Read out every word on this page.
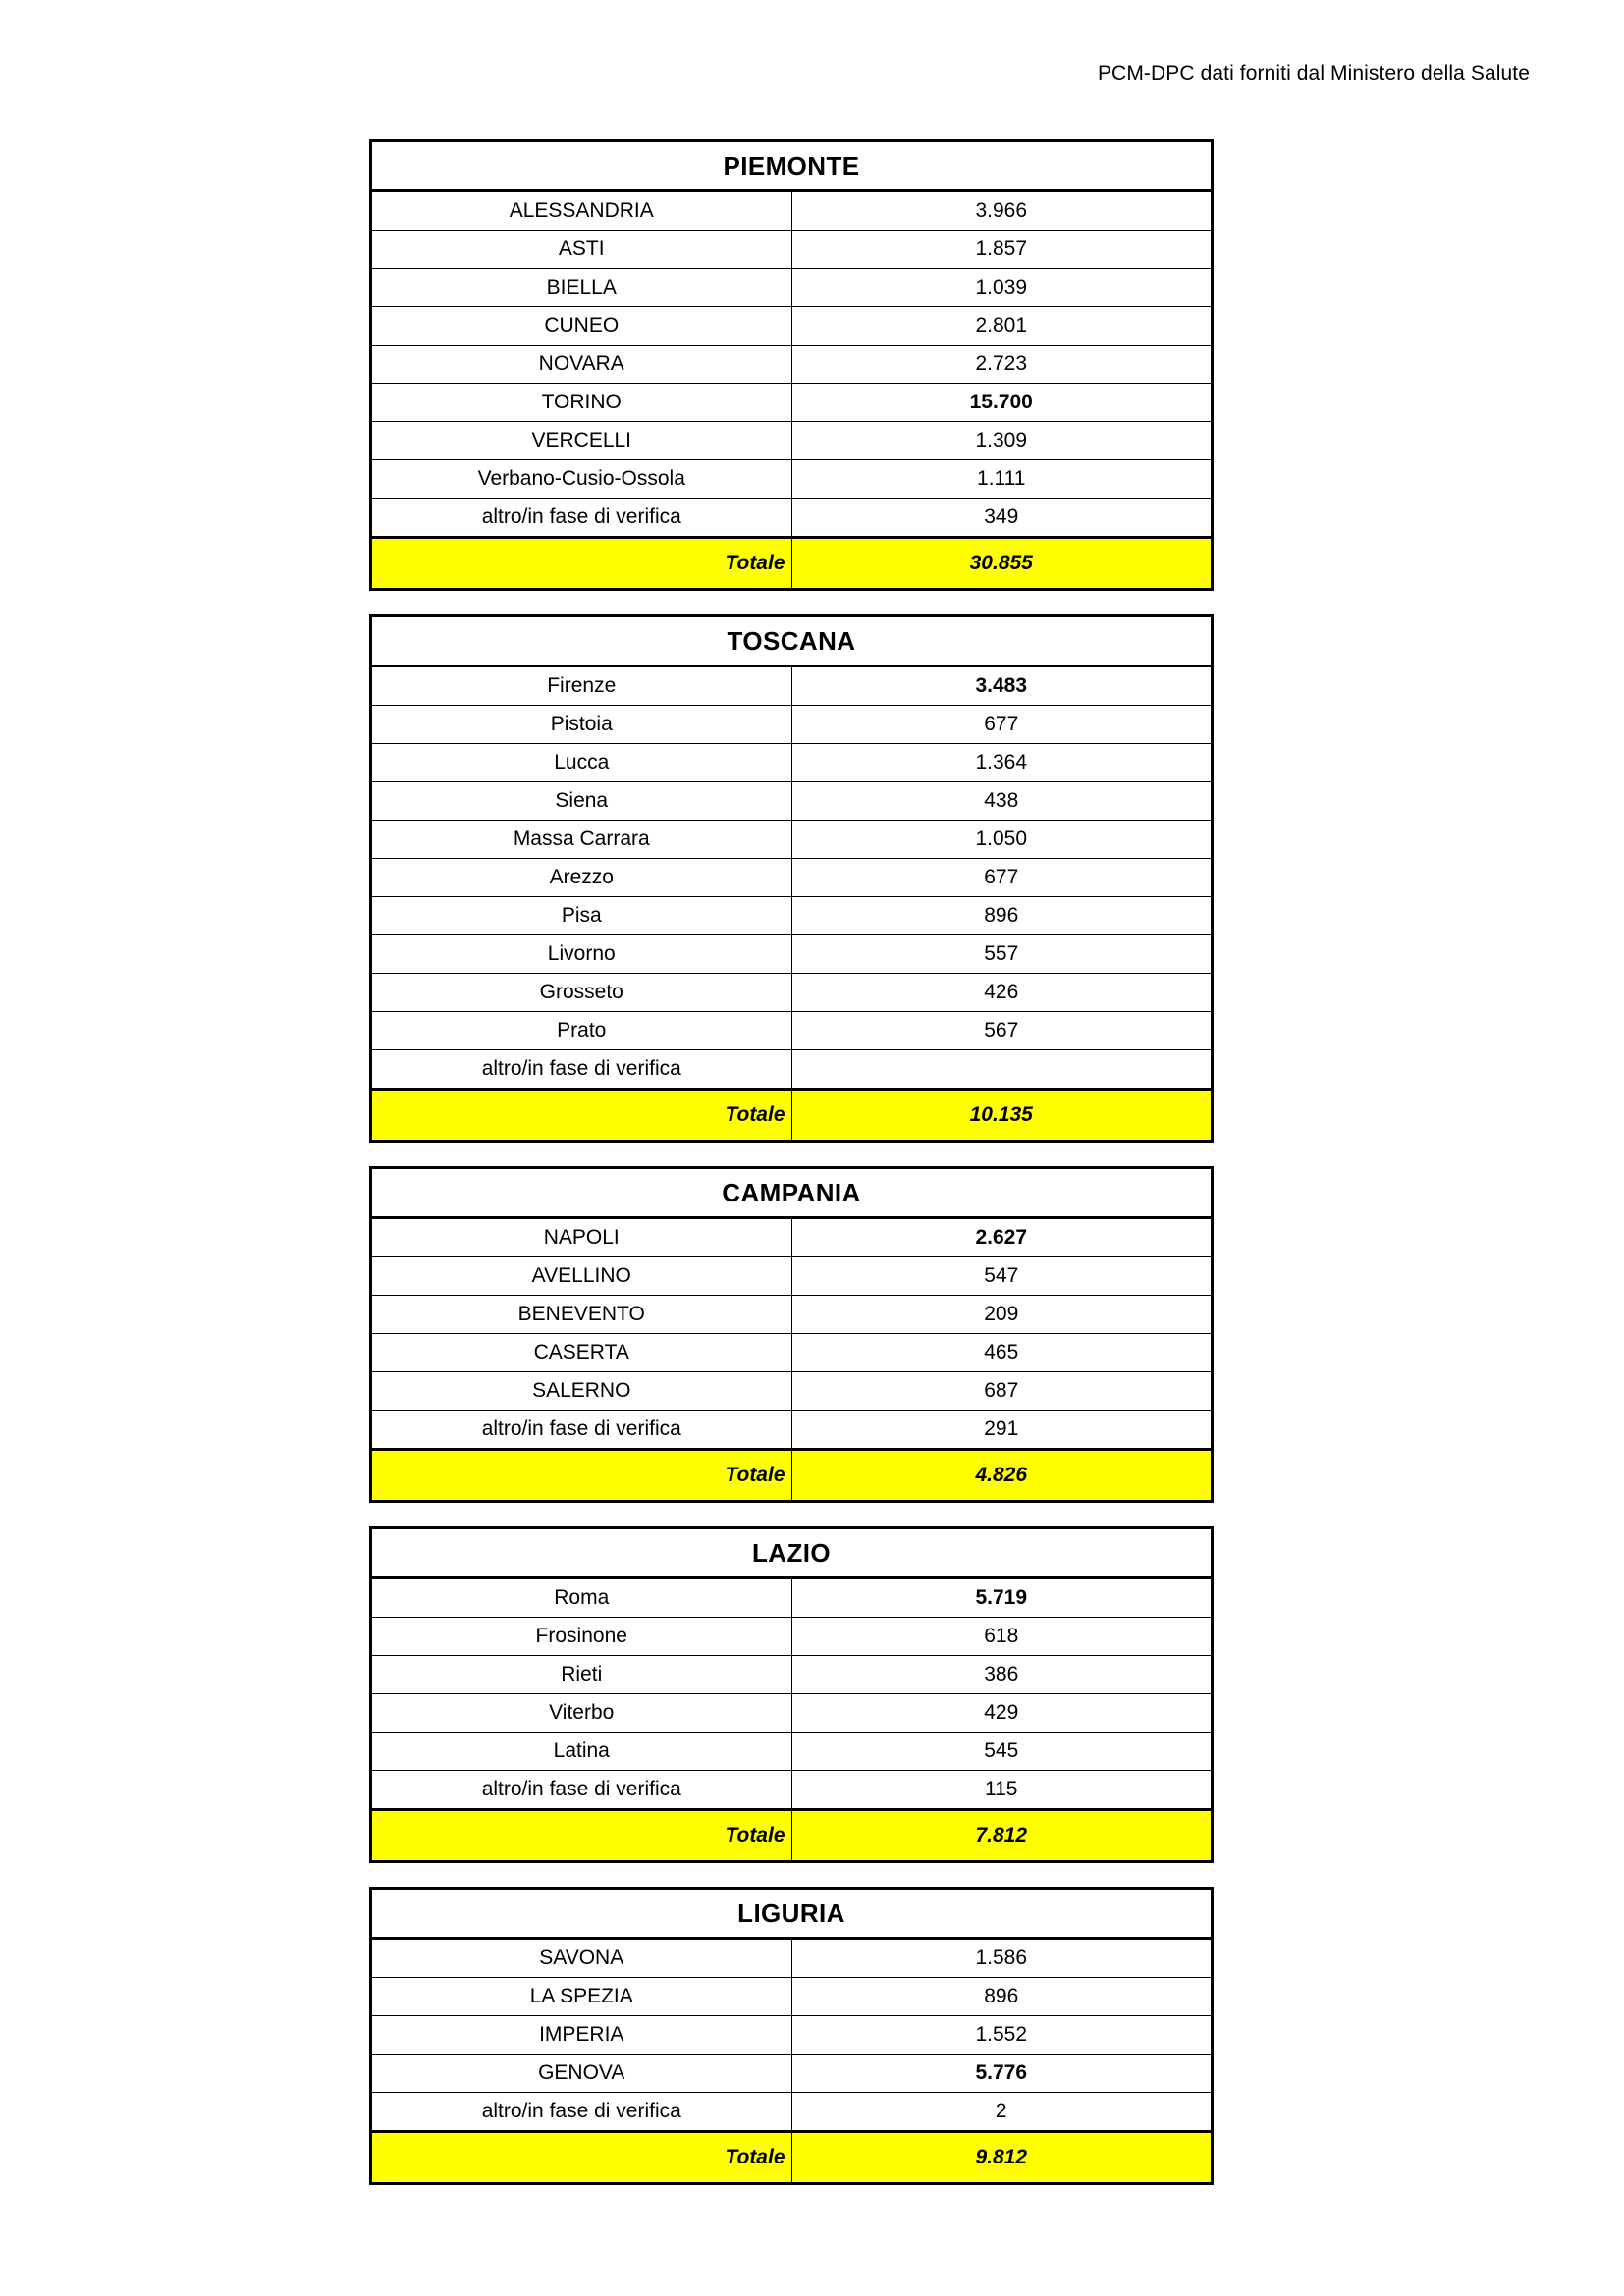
PCM-DPC dati forniti dal Ministero della Salute
PIEMONTE	
ALESSANDRIA	3.966
ASTI	1.857
BIELLA	1.039
CUNEO	2.801
NOVARA	2.723
TORINO	15.700
VERCELLI	1.309
Verbano-Cusio-Ossola	1.111
altro/in fase di verifica	349
Totale	30.855
TOSCANA	
Firenze	3.483
Pistoia	677
Lucca	1.364
Siena	438
Massa Carrara	1.050
Arezzo	677
Pisa	896
Livorno	557
Grosseto	426
Prato	567
altro/in fase di verifica	
Totale	10.135
CAMPANIA	
NAPOLI	2.627
AVELLINO	547
BENEVENTO	209
CASERTA	465
SALERNO	687
altro/in fase di verifica	291
Totale	4.826
LAZIO	
Roma	5.719
Frosinone	618
Rieti	386
Viterbo	429
Latina	545
altro/in fase di verifica	115
Totale	7.812
LIGURIA	
SAVONA	1.586
LA SPEZIA	896
IMPERIA	1.552
GENOVA	5.776
altro/in fase di verifica	2
Totale	9.812
